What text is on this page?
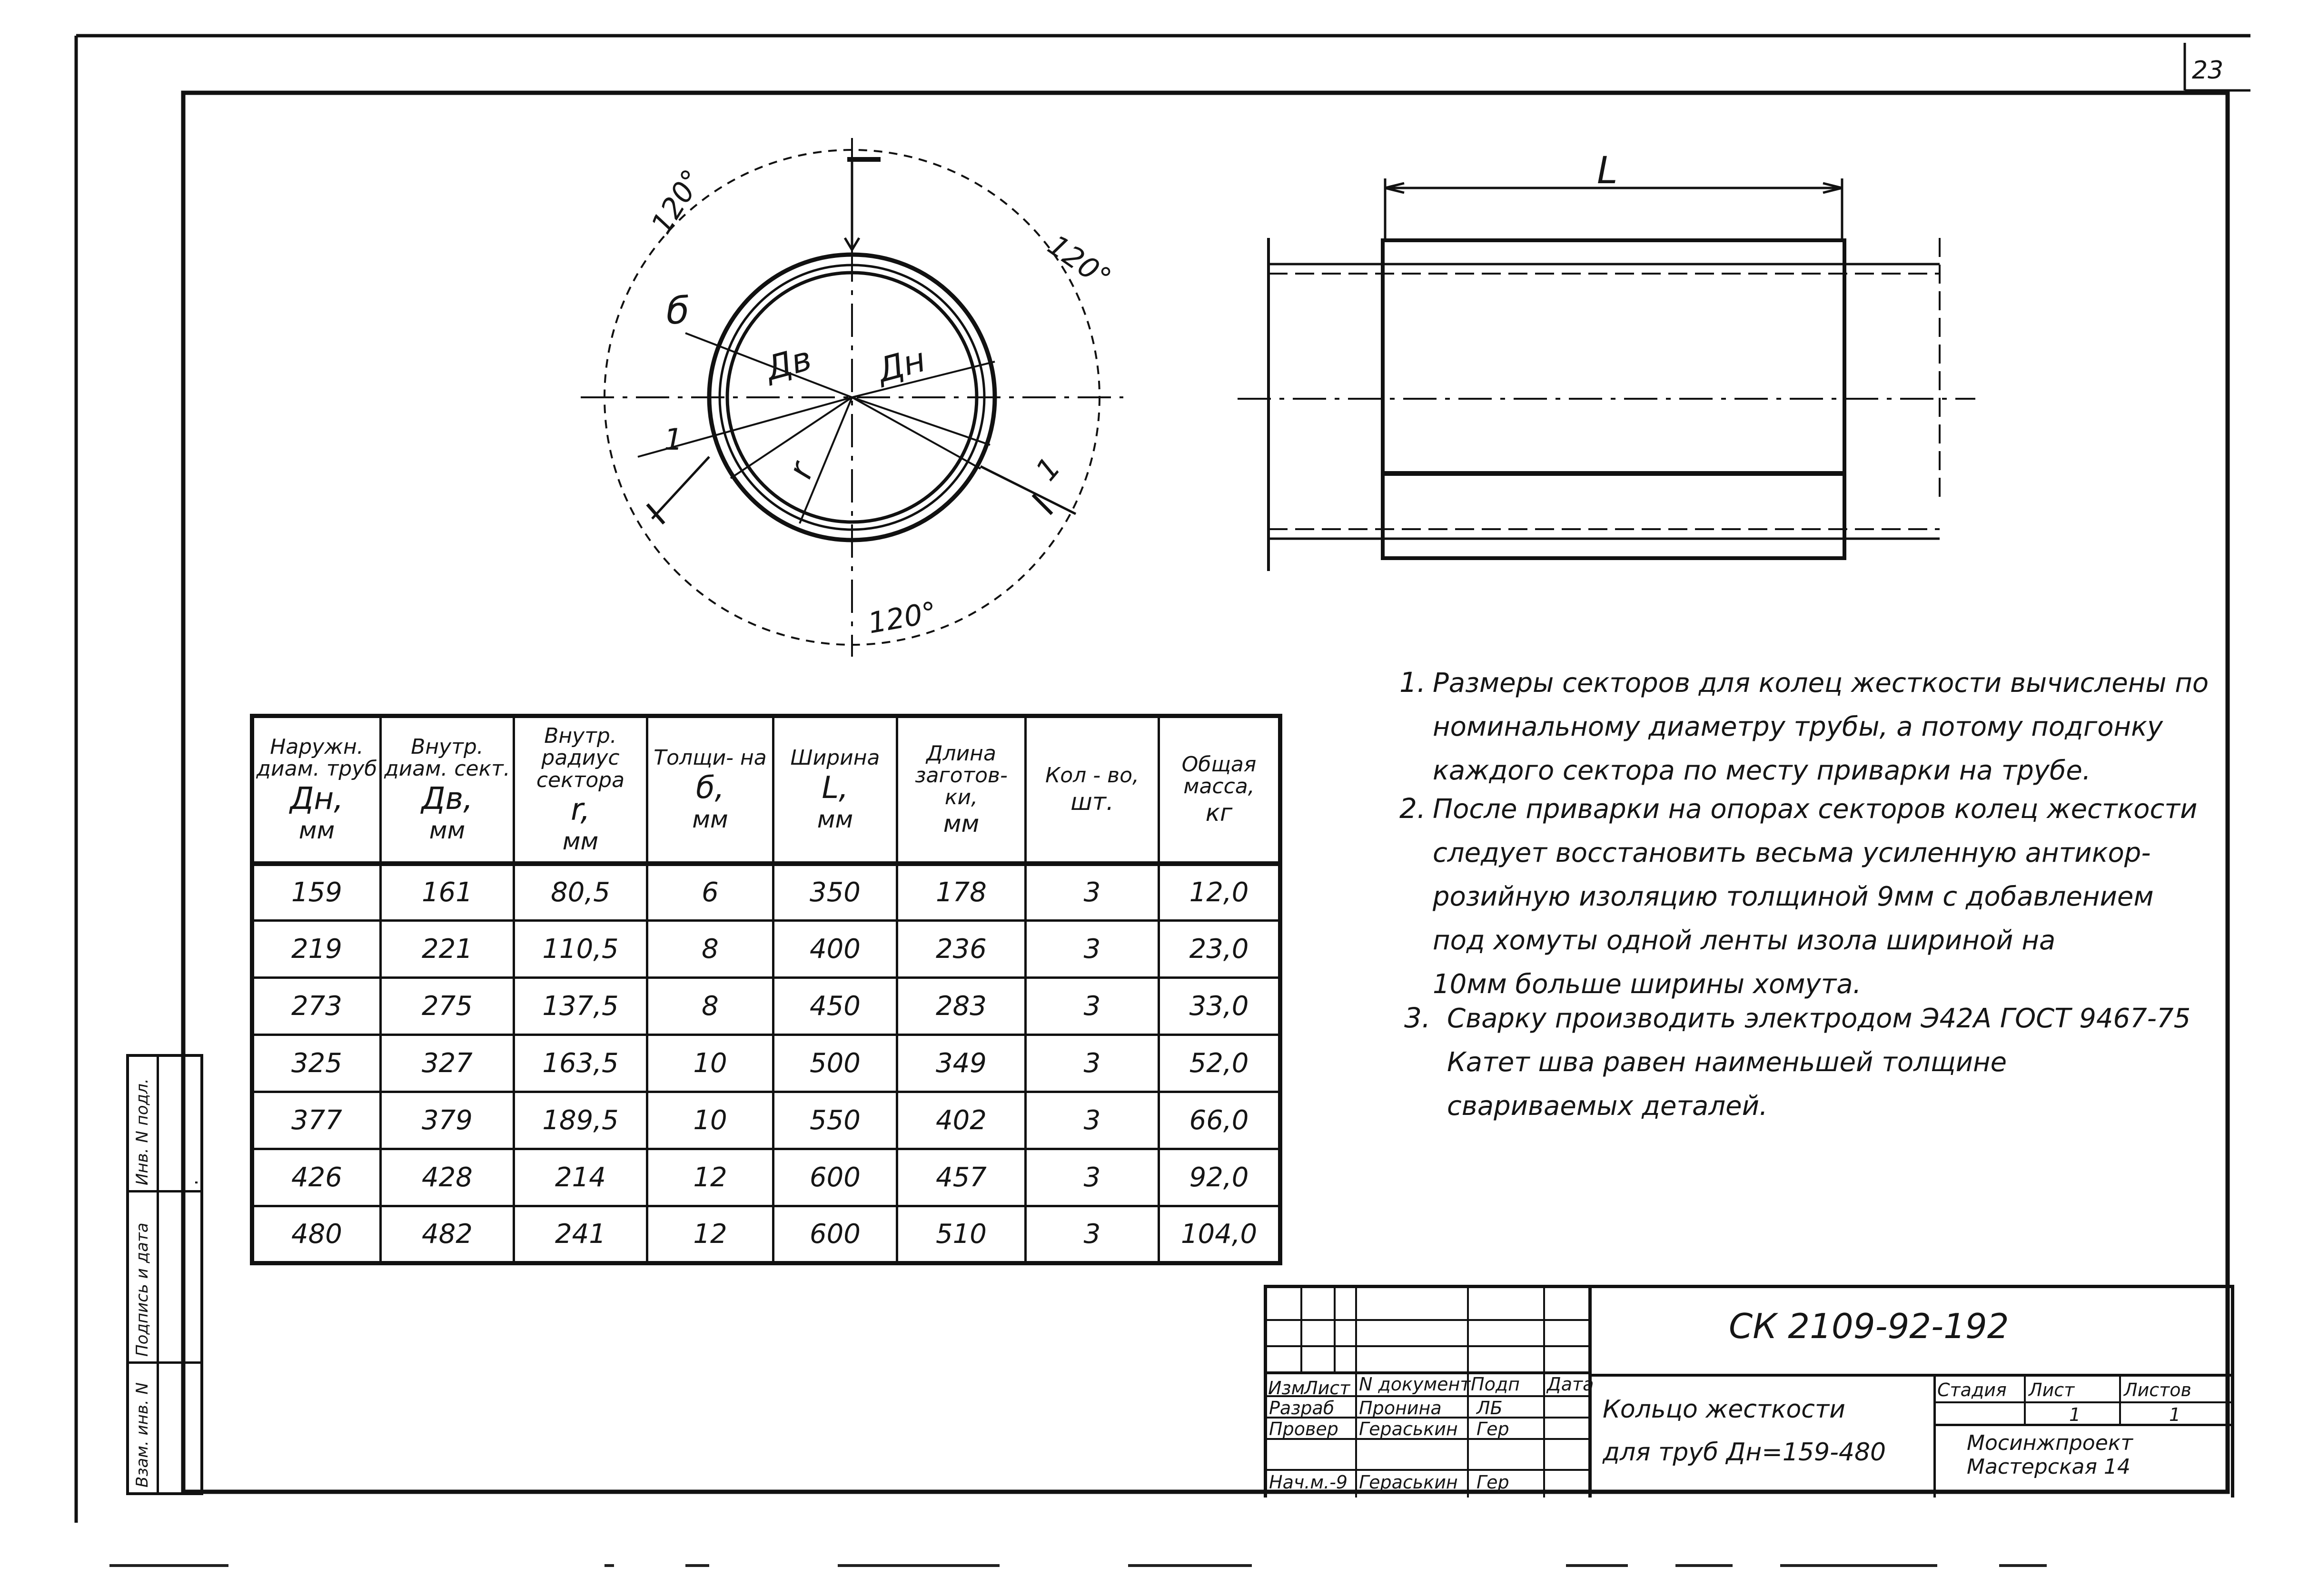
120°
120°
120°
б
Дв Дн
r
1
1
L
23
Наружн. диам. труб
Дн,
мм	Внутр. диам. сект.
Дв,
мм	Внутр. радиус сектора
r,
мм	Толщи- на
б,
мм	Ширина
L,
мм	Длина заготов- ки,
мм	Кол - во,
шт.	Общая масса,
кг

159	161	80,5	6	350	178	3	12,0
219	221	110,5	8	400	236	3	23,0
273	275	137,5	8	450	283	3	33,0
325	327	163,5	10	500	349	3	52,0
377	379	189,5	10	550	402	3	66,0
426	428	214	12	600	457	3	92,0
480	482	241	12	600	510	3	104,0
1. Размеры секторов для колец жесткости вычислены по
номинальному диаметру трубы, а потому подгонку
каждого сектора по месту приварки на трубе.
2. После приварки на опорах секторов колец жесткости
следует восстановить весьма усиленную антикор-
розийную изоляцию толщиной 9мм с добавлением
под хомуты одной ленты изола шириной на
10мм больше ширины хомута.
3. Сварку производить электродом Э42А ГОСТ 9467-75
Катет шва равен наименьшей толщине
свариваемых деталей.
Взам. инв. N
Подпись и дата
Инв. N подл.
Изм
Лист N документ Подп Дата
Разраб Пронина ЛБ
Провер Гераськин Гер
Нач.м.-9 Гераськин Гер
СК 2109-92-192
Кольцо жесткости
для труб Дн=159-480
Стадия Лист	Листов
1	1
Мосинжпроект
Мастерская 14
